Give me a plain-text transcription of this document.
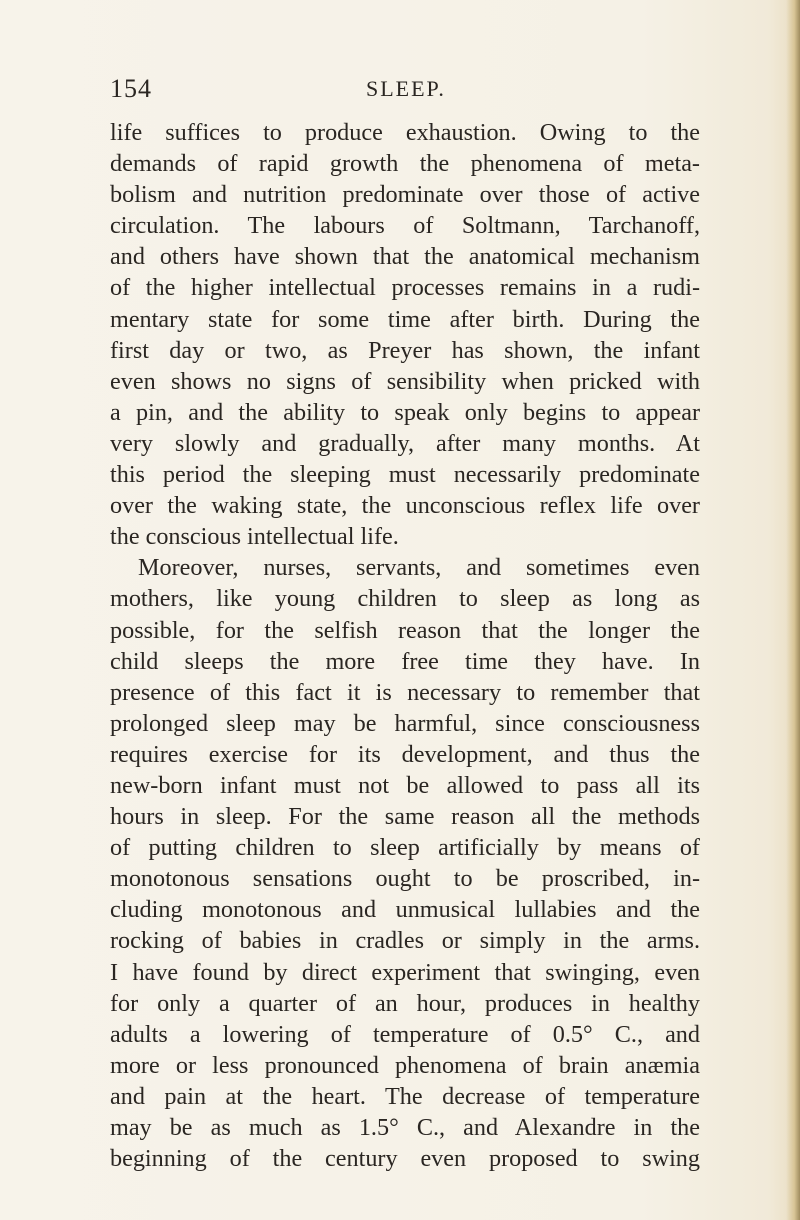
154	SLEEP.
life suffices to produce exhaustion. Owing to the
demands of rapid growth the phenomena of meta-
bolism and nutrition predominate over those of active
circulation. The labours of Soltmann, Tarchanoff,
and others have shown that the anatomical mechanism
of the higher intellectual processes remains in a rudi-
mentary state for some time after birth. During the
first day or two, as Preyer has shown, the infant
even shows no signs of sensibility when pricked with
a pin, and the ability to speak only begins to appear
very slowly and gradually, after many months. At
this period the sleeping must necessarily predominate
over the waking state, the unconscious reflex life over
the conscious intellectual life.
Moreover, nurses, servants, and sometimes even
mothers, like young children to sleep as long as
possible, for the selfish reason that the longer the
child sleeps the more free time they have. In
presence of this fact it is necessary to remember that
prolonged sleep may be harmful, since consciousness
requires exercise for its development, and thus the
new-born infant must not be allowed to pass all its
hours in sleep. For the same reason all the methods
of putting children to sleep artificially by means of
monotonous sensations ought to be proscribed, in-
cluding monotonous and unmusical lullabies and the
rocking of babies in cradles or simply in the arms.
I have found by direct experiment that swinging, even
for only a quarter of an hour, produces in healthy
adults a lowering of temperature of 0.5° C., and
more or less pronounced phenomena of brain anæmia
and pain at the heart. The decrease of temperature
may be as much as 1.5° C., and Alexandre in the
beginning of the century even proposed to swing
